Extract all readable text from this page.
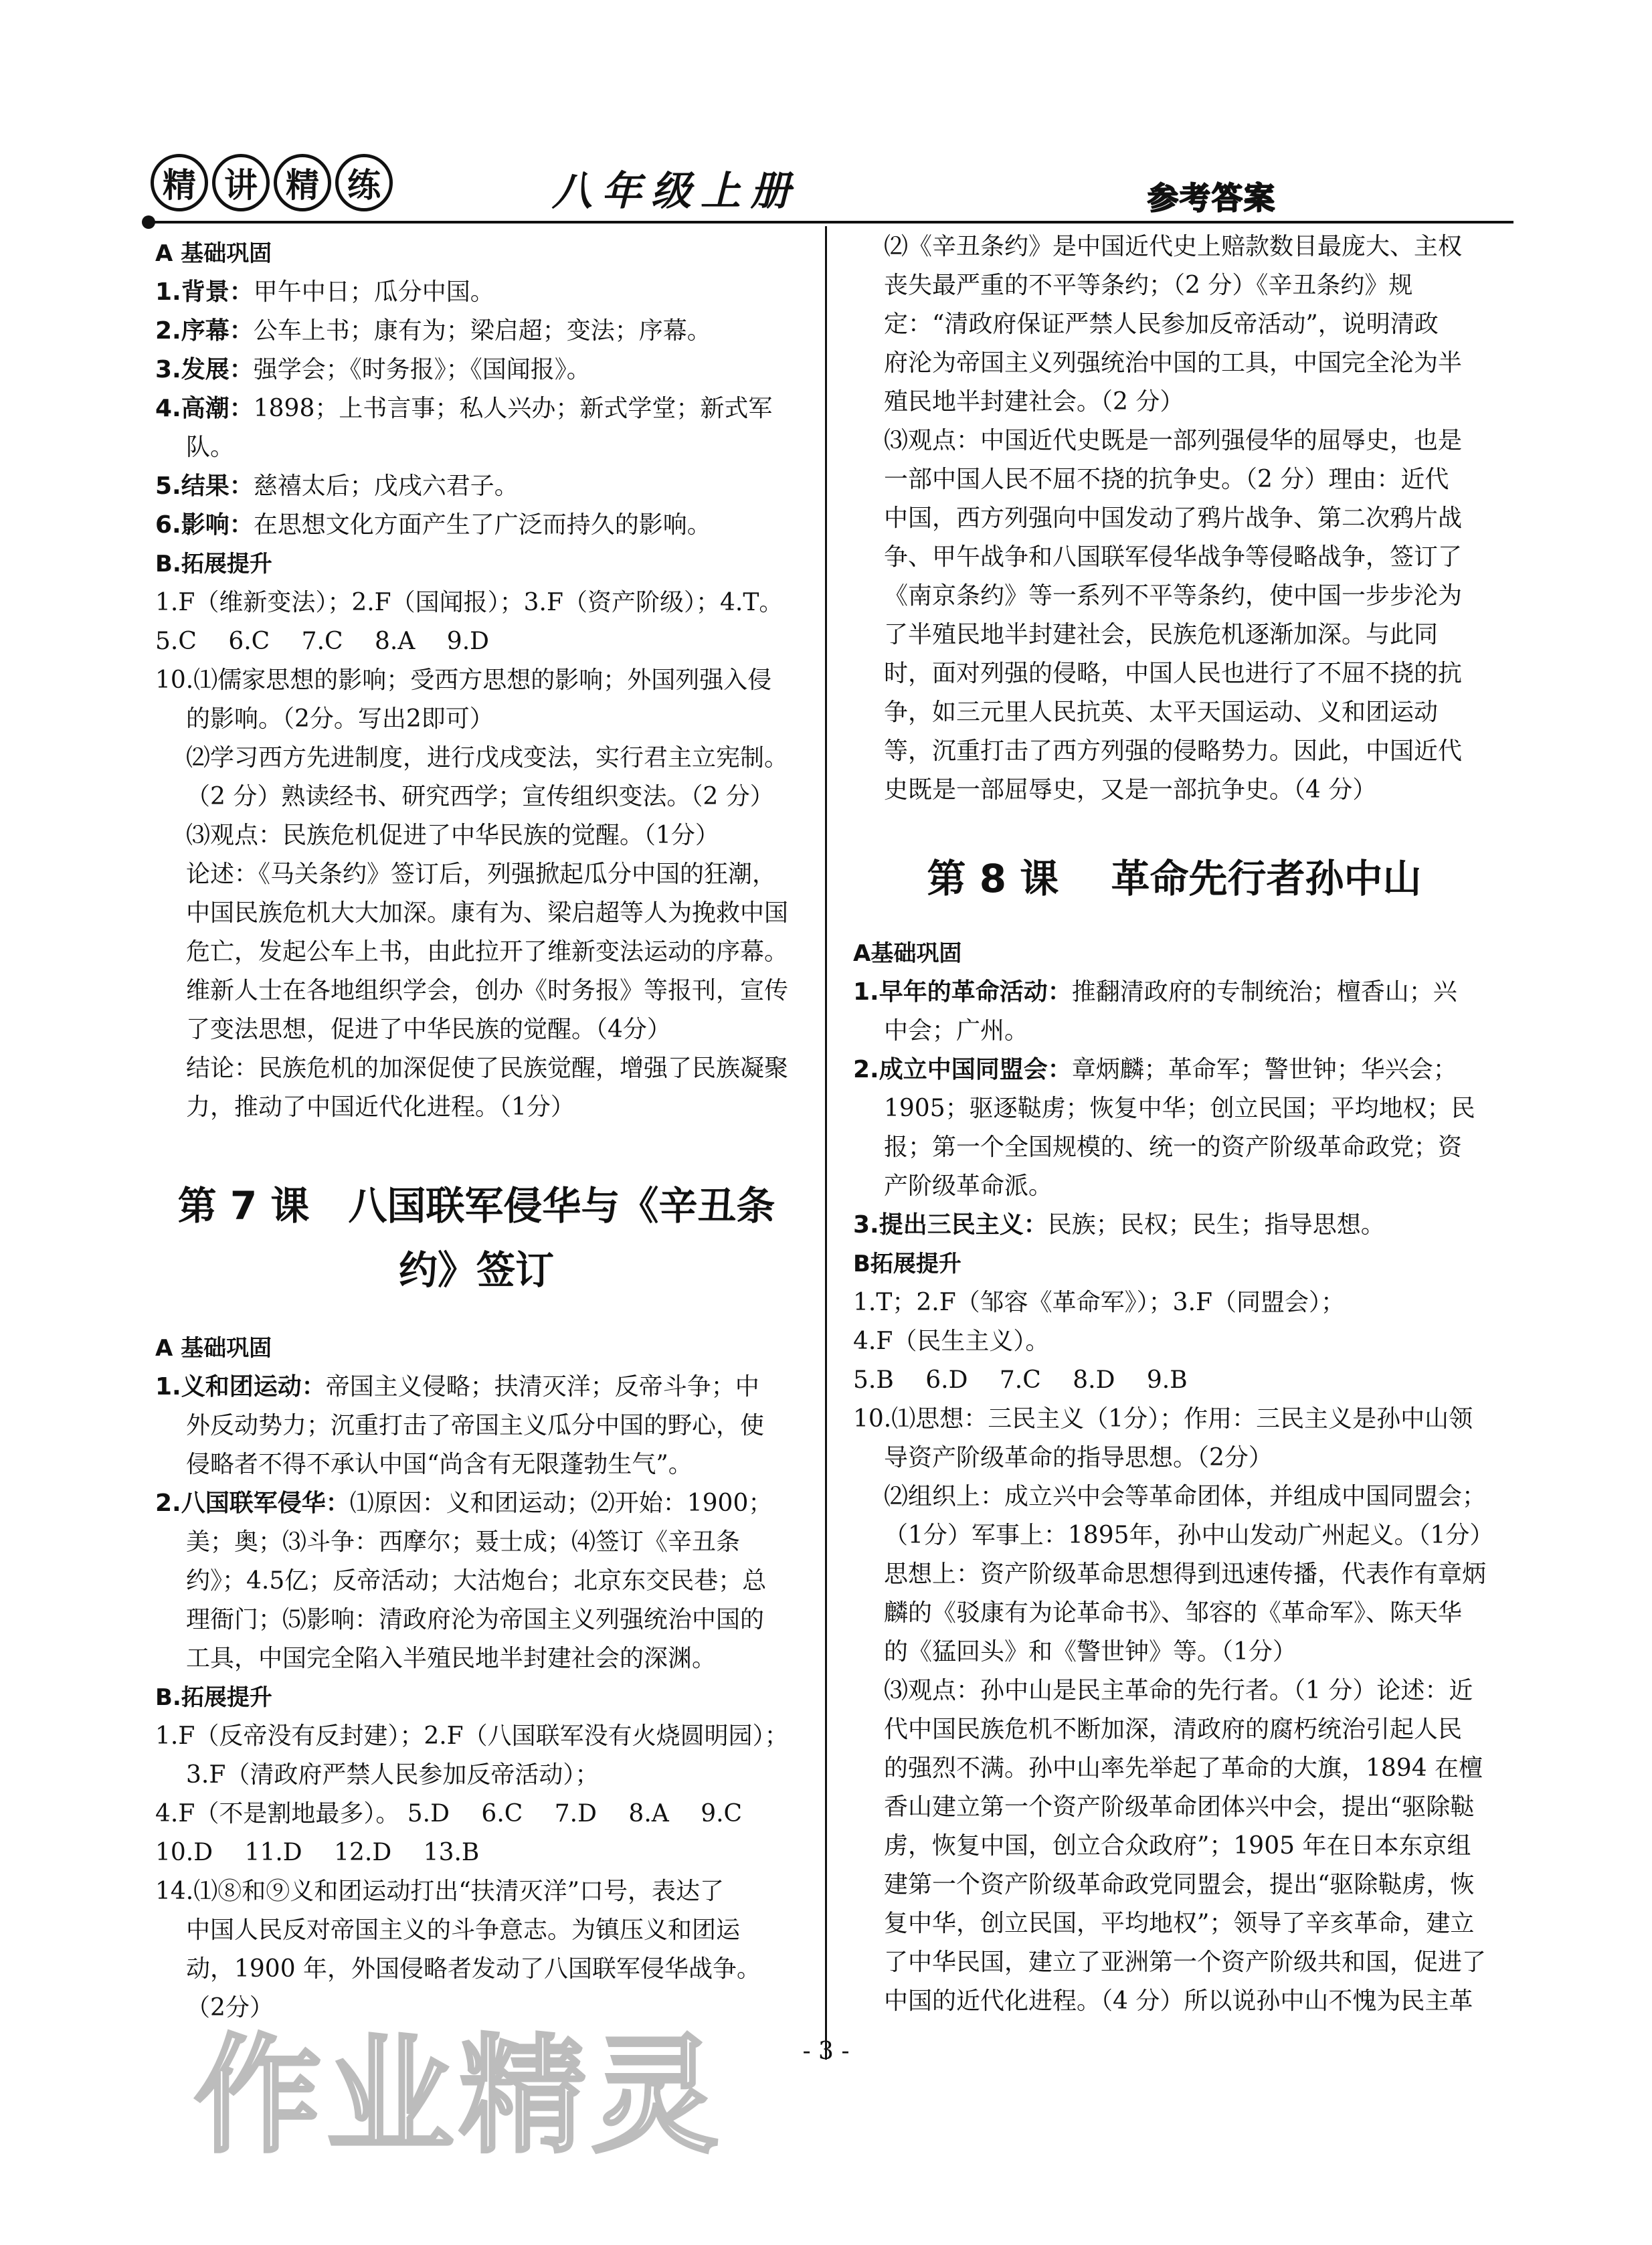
精 讲 精 练	八年级上册	参考答案

A 基础巩固

1.背景：甲午中日；瓜分中国。

2.序幕：公车上书；康有为；梁启超；变法；序幕。

3.发展：强学会；《时务报》；《国闻报》。

4.高潮：1898；上书言事；私人兴办；新式学堂；新式军

队。

5.结果：慈禧太后；戊戌六君子。

6.影响：在思想文化方面产生了广泛而持久的影响。

B.拓展提升

1.F（维新变法）；2.F（国闻报）；3.F（资产阶级）；4.T。

5.C　 6.C　 7.C　 8.A　 9.D

10.⑴儒家思想的影响；受西方思想的影响；外国列强入侵

的影响。（2分。写出2即可）

⑵学习西方先进制度，进行戊戌变法，实行君主立宪制。

（2 分）熟读经书、研究西学；宣传组织变法。（2 分）

⑶观点：民族危机促进了中华民族的觉醒。（1分）

论述：《马关条约》签订后，列强掀起瓜分中国的狂潮，

中国民族危机大大加深。康有为、梁启超等人为挽救中国

危亡，发起公车上书，由此拉开了维新变法运动的序幕。

维新人士在各地组织学会，创办《时务报》等报刊，宣传

了变法思想，促进了中华民族的觉醒。（4分）

结论：民族危机的加深促使了民族觉醒，增强了民族凝聚

力，推动了中国近代化进程。（1分）

第 7 课　八国联军侵华与《辛丑条

约》签订

A 基础巩固

1.义和团运动：帝国主义侵略；扶清灭洋；反帝斗争；中

外反动势力；沉重打击了帝国主义瓜分中国的野心，使

侵略者不得不承认中国“尚含有无限蓬勃生气”。

2.八国联军侵华：⑴原因：义和团运动；⑵开始：1900；

美；奥；⑶斗争：西摩尔；聂士成；⑷签订《辛丑条

约》；4.5亿；反帝活动；大沽炮台；北京东交民巷；总

理衙门；⑸影响：清政府沦为帝国主义列强统治中国的

工具，中国完全陷入半殖民地半封建社会的深渊。

B.拓展提升

1.F（反帝没有反封建）；2.F（八国联军没有火烧圆明园）；

3.F（清政府严禁人民参加反帝活动）；

4.F（不是割地最多）。 5.D　 6.C　 7.D　 8.A　 9.C

10.D　 11.D　 12.D　 13.B

14.⑴⑧和⑨义和团运动打出“扶清灭洋”口号，表达了

中国人民反对帝国主义的斗争意志。为镇压义和团运

动，1900 年，外国侵略者发动了八国联军侵华战争。

（2分）

⑵《辛丑条约》是中国近代史上赔款数目最庞大、主权

丧失最严重的不平等条约；（2 分）《辛丑条约》规

定：“清政府保证严禁人民参加反帝活动”，说明清政

府沦为帝国主义列强统治中国的工具，中国完全沦为半

殖民地半封建社会。（2 分）

⑶观点：中国近代史既是一部列强侵华的屈辱史，也是

一部中国人民不屈不挠的抗争史。（2 分）理由：近代

中国，西方列强向中国发动了鸦片战争、第二次鸦片战

争、甲午战争和八国联军侵华战争等侵略战争，签订了

《南京条约》等一系列不平等条约，使中国一步步沦为

了半殖民地半封建社会，民族危机逐渐加深。与此同

时，面对列强的侵略，中国人民也进行了不屈不挠的抗

争，如三元里人民抗英、太平天国运动、义和团运动

等，沉重打击了西方列强的侵略势力。因此，中国近代

史既是一部屈辱史，又是一部抗争史。（4 分）

第 8 课　 革命先行者孙中山

A基础巩固

1.早年的革命活动：推翻清政府的专制统治；檀香山；兴

中会；广州。

2.成立中国同盟会：章炳麟；革命军；警世钟；华兴会；

1905；驱逐鞑虏；恢复中华；创立民国；平均地权；民

报；第一个全国规模的、统一的资产阶级革命政党；资

产阶级革命派。

3.提出三民主义：民族；民权；民生；指导思想。

B拓展提升

1.T；2.F（邹容《革命军》）；3.F（同盟会）；

4.F（民生主义）。

5.B　 6.D　 7.C　 8.D　 9.B

10.⑴思想：三民主义（1分）；作用：三民主义是孙中山领

导资产阶级革命的指导思想。（2分）

⑵组织上：成立兴中会等革命团体，并组成中国同盟会；

（1分）军事上：1895年，孙中山发动广州起义。（1分）

思想上：资产阶级革命思想得到迅速传播，代表作有章炳

麟的《驳康有为论革命书》、邹容的《革命军》、陈天华

的《猛回头》和《警世钟》等。（1分）

⑶观点：孙中山是民主革命的先行者。（1 分）论述：近

代中国民族危机不断加深，清政府的腐朽统治引起人民

的强烈不满。孙中山率先举起了革命的大旗，1894 在檀

香山建立第一个资产阶级革命团体兴中会，提出“驱除鞑

虏，恢复中国，创立合众政府”；1905 年在日本东京组

建第一个资产阶级革命政党同盟会，提出“驱除鞑虏，恢

复中华，创立民国，平均地权”；领导了辛亥革命，建立

了中华民国，建立了亚洲第一个资产阶级共和国，促进了

中国的近代化进程。（4 分）所以说孙中山不愧为民主革

- 3 -
作业精灵
